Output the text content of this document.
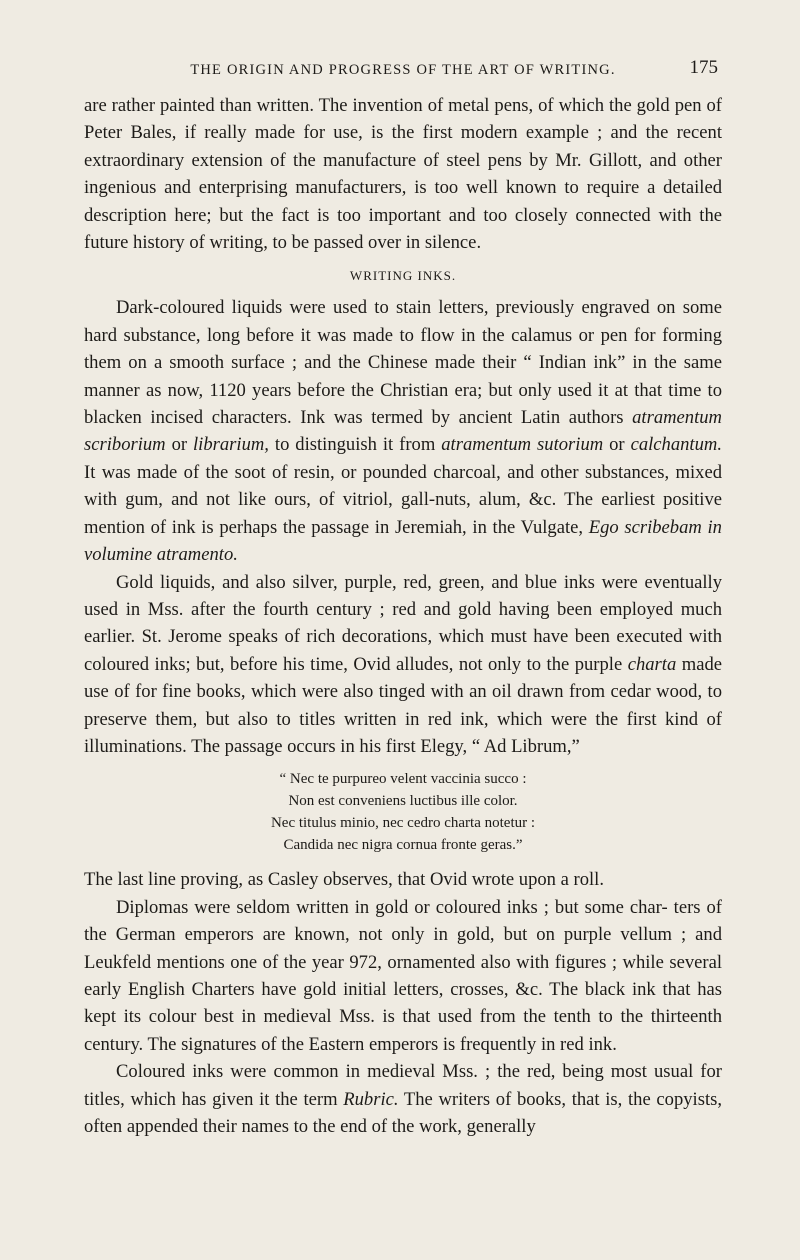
THE ORIGIN AND PROGRESS OF THE ART OF WRITING.	175

are rather painted than written. The invention of metal pens, of which the gold pen of Peter Bales, if really made for use, is the first modern example ; and the recent extraordinary extension of the manufacture of steel pens by Mr. Gillott, and other ingenious and enterprising manufacturers, is too well known to require a detailed description here; but the fact is too important and too closely connected with the future history of writing, to be passed over in silence.

WRITING INKS.

Dark-coloured liquids were used to stain letters, previously engraved on some hard substance, long before it was made to flow in the calamus or pen for forming them on a smooth surface ; and the Chinese made their “ Indian ink” in the same manner as now, 1120 years before the Christian era; but only used it at that time to blacken incised characters. Ink was termed by ancient Latin authors atramentum scriborium or librarium, to distinguish it from atramentum sutorium or calchantum. It was made of the soot of resin, or pounded charcoal, and other substances, mixed with gum, and not like ours, of vitriol, gall-nuts, alum, &c. The earliest positive mention of ink is perhaps the passage in Jeremiah, in the Vulgate, Ego scribebam in volumine atramento.

Gold liquids, and also silver, purple, red, green, and blue inks were eventually used in Mss. after the fourth century ; red and gold having been employed much earlier. St. Jerome speaks of rich decorations, which must have been executed with coloured inks; but, before his time, Ovid alludes, not only to the purple charta made use of for fine books, which were also tinged with an oil drawn from cedar wood, to preserve them, but also to titles written in red ink, which were the first kind of illuminations. The passage occurs in his first Elegy, “ Ad Librum,”

“ Nec te purpureo velent vaccinia succo :
Non est conveniens luctibus ille color.
Nec titulus minio, nec cedro charta notetur :
Candida nec nigra cornua fronte geras.”

The last line proving, as Casley observes, that Ovid wrote upon a roll.

Diplomas were seldom written in gold or coloured inks ; but some char- ters of the German emperors are known, not only in gold, but on purple vellum ; and Leukfeld mentions one of the year 972, ornamented also with figures ; while several early English Charters have gold initial letters, crosses, &c. The black ink that has kept its colour best in medieval Mss. is that used from the tenth to the thirteenth century. The signatures of the Eastern emperors is frequently in red ink.

Coloured inks were common in medieval Mss. ; the red, being most usual for titles, which has given it the term Rubric. The writers of books, that is, the copyists, often appended their names to the end of the work, generally
